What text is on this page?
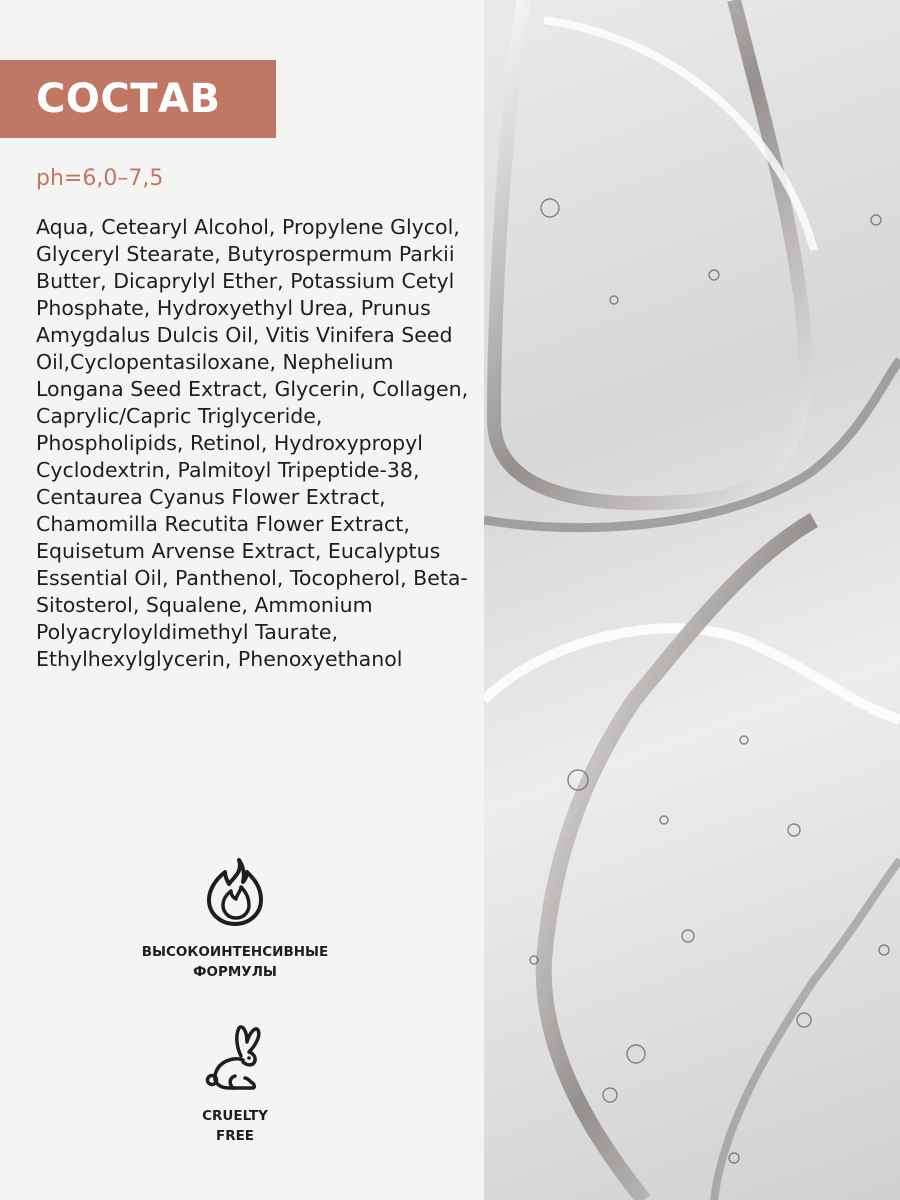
СОСТАВ
ph=6,0–7,5

Aqua, Cetearyl Alcohol, Propylene Glycol, Glyceryl Stearate, Butyrospermum Parkii Butter, Dicaprylyl Ether, Potassium Cetyl Phosphate, Hydroxyethyl Urea, Prunus Amygdalus Dulcis Oil, Vitis Vinifera Seed Oil,Cyclopentasiloxane, Nephelium Longana Seed Extract, Glycerin, Collagen, Caprylic/Capric Triglyceride, Phospholipids, Retinol, Hydroxypropyl Cyclodextrin, Palmitoyl Tripeptide-38, Centaurea Cyanus Flower Extract, Chamomilla Recutita Flower Extract, Equisetum Arvense Extract, Eucalyptus Essential Oil, Panthenol, Tocopherol, Beta-Sitosterol, Squalene, Ammonium Polyacryloyldimethyl Taurate, Ethylhexylglycerin, Phenoxyethanol

ВЫСОКОИНТЕНСИВНЫЕ
ФОРМУЛЫ
CRUELTY
FREE
